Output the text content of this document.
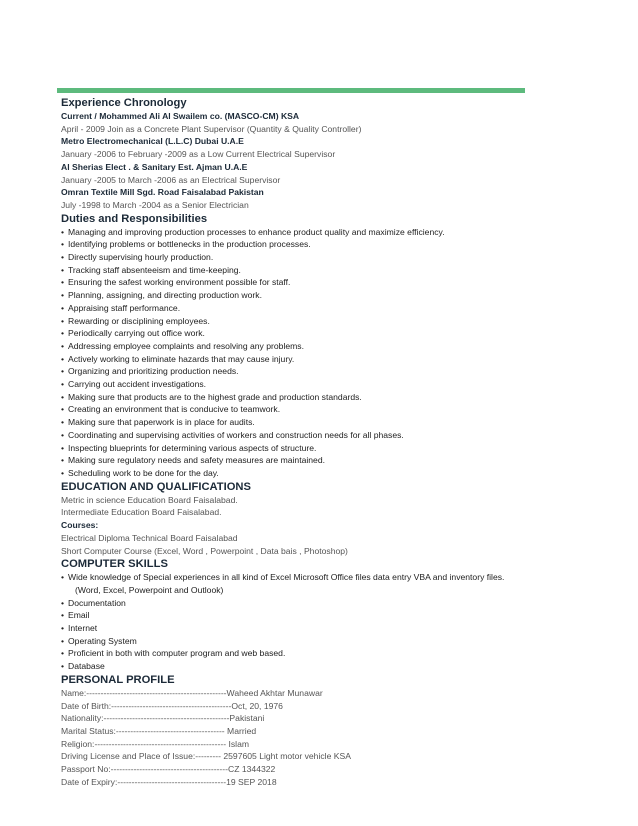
Experience Chronology
Current / Mohammed Ali Al Swailem co. (MASCO-CM) KSA
April - 2009 Join as a Concrete Plant Supervisor (Quantity & Quality Controller)
Metro Electromechanical (L.L.C) Dubai U.A.E
January -2006 to February -2009 as a Low Current Electrical Supervisor
Al Sherias Elect . & Sanitary Est. Ajman U.A.E
January -2005 to March -2006 as an Electrical Supervisor
Omran Textile Mill Sgd. Road Faisalabad Pakistan
July -1998 to March -2004 as a Senior Electrician
Duties and Responsibilities
• Managing and improving production processes to enhance product quality and maximize efficiency.
• Identifying problems or bottlenecks in the production processes.
• Directly supervising hourly production.
• Tracking staff absenteeism and time-keeping.
• Ensuring the safest working environment possible for staff.
• Planning, assigning, and directing production work.
• Appraising staff performance.
• Rewarding or disciplining employees.
• Periodically carrying out office work.
• Addressing employee complaints and resolving any problems.
• Actively working to eliminate hazards that may cause injury.
• Organizing and prioritizing production needs.
• Carrying out accident investigations.
• Making sure that products are to the highest grade and production standards.
• Creating an environment that is conducive to teamwork.
• Making sure that paperwork is in place for audits.
• Coordinating and supervising activities of workers and construction needs for all phases.
• Inspecting blueprints for determining various aspects of structure.
• Making sure regulatory needs and safety measures are maintained.
• Scheduling work to be done for the day.
EDUCATION AND QUALIFICATIONS
Metric in science Education Board Faisalabad.
Intermediate Education Board Faisalabad.
Courses:
Electrical Diploma Technical Board Faisalabad
Short Computer Course (Excel, Word , Powerpoint , Data bais , Photoshop)
COMPUTER SKILLS
• Wide knowledge of Special experiences in all kind of Excel Microsoft Office files data entry VBA and inventory files.
(Word, Excel, Powerpoint and Outlook)
• Documentation
• Email
• Internet
• Operating System
• Proficient in both with computer program and web based.
• Database
PERSONAL PROFILE
Name:-------------------------------------------------Waheed Akhtar Munawar
Date of Birth:------------------------------------------Oct, 20, 1976
Nationality:--------------------------------------------Pakistani
Marital Status:-------------------------------------- Married
Religion:---------------------------------------------- Islam
Driving License and Place of Issue:--------- 2597605 Light motor vehicle KSA
Passport No:-----------------------------------------CZ 1344322
Date of Expiry:--------------------------------------19 SEP 2018
